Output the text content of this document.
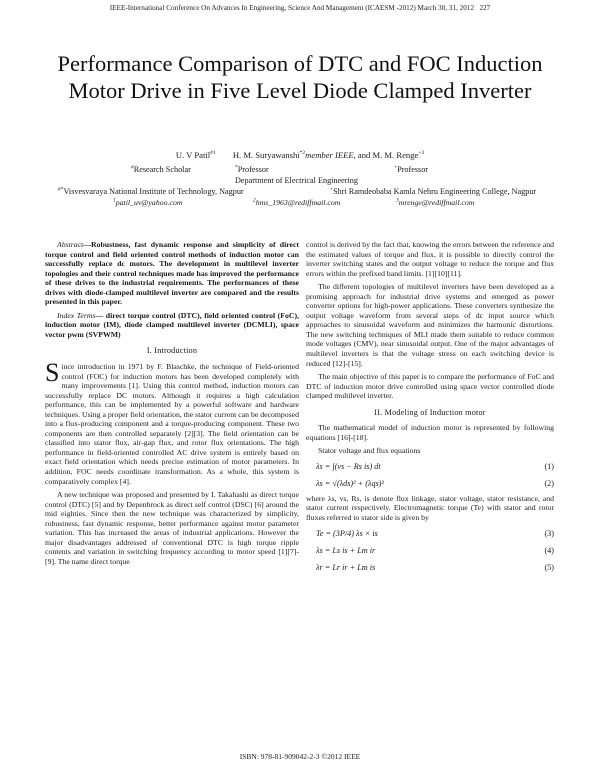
IEEE-International Conference On Advances In Engineering, Science And Management (ICAESM -2012) March 30, 31, 2012 227
Performance Comparison of DTC and FOC Induction Motor Drive in Five Level Diode Clamped Inverter
U. V Patil$^{\#1}$ H. M. Suryawanshi$^{*2}$member IEEE, and M. M. Renge$^{+3}$
#Research Scholar	*Professor	+Professor
Department of Electrical Engineering
#*Visvesvaraya National Institute of Technology, Nagpur	+Shri Ramdeobaba Kamla Nehru Engineering College, Nagpur
$^1$patil_uv@yahoo.com	$^2$hms_1963@rediffmail.com	$^3$mrenge@rediffmail.com

Abstract—Robustness, fast dynamic response and simplicity of direct torque control and field oriented control methods of induction motor can successfully replace dc motors. The development in multilevel inverter topologies and their control techniques made has improved the performance of these drives to the industrial requirements. The performances of these drives with diode-clamped multilevel inverter are compared and the results presented in this paper.

Index Terms— direct torque control (DTC), field oriented control (FoC), induction motor (IM), diode clamped multilevel inverter (DCMLI), space vector pwm (SVPWM)

I. Introduction

Since introduction in 1971 by F. Blaschke, the technique of Field-oriented control (FOC) for induction motors has been developed completely with many improvements [1]. Using this control method, induction motors can successfully replace DC motors. Although it requires a high calculation performance, this can be implemented by a powerful software and hardware techniques. Using a proper field orientation, the stator current can be decomposed into a flux-producing component and a torque-producing component. These two components are then controlled separately [2][3]. The field orientation can be classified into stator flux, air-gap flux, and rotor flux orientations. The high performance in field-oriented controlled AC drive system is entirely based on exact field orientation which needs precise estimation of motor parameters. In addition, FOC needs coordinate transformation. As a whole, this system is comparatively complex [4].

A new technique was proposed and presented by I. Takahashi as direct torque control (DTC) [5] and by Depenbrock as direct self control (DSC) [6] around the mid eighties. Since then the new technique was characterized by simplicity, robustness, fast dynamic response, better performance against motor parameter variation. This has increased the areas of industrial applications. However the major disadvantages addressed of conventional DTC is high torque ripple contents and variation in switching frequency according to motor speed [1][7]-[9]. The name direct torque

control is derived by the fact that, knowing the errors between the reference and the estimated values of torque and flux, it is possible to directly control the inverter switching states and the output voltage to reduce the torque and flux errors within the prefixed band limits. [1][10][11].

The different topologies of multilevel inverters have been developed as a promising approach for industrial drive systems and emerged as power converter options for high-power applications. These converters synthesize the output voltage waveform from several steps of dc input source which approaches to sinusoidal waveform and minimizes the harmonic distortions. The new switching techniques of MLI made them suitable to reduce common mode voltages (CMV), near sinusoidal output. One of the major advantages of multilevel inverters is that the voltage stress on each switching device is reduced [12]-[15].

The main objective of this paper is to compare the performance of FoC and DTC of induction motor drive controlled using space vector controlled diode clamped multilevel inverter.

II. Modeling of Induction motor

The mathematical model of induction motor is represented by following equations [16]-[18].

Stator voltage and flux equations

λs = ∫(vs − Rs is) dt	(1)
λs = √(λds)² + (λqs)²	(2)

where λs, vs, Rs, is denote flux linkage, stator voltage, stator resistance, and stator current respectively. Electromagnetic torque (Te) with stator and rotor fluxes referred to stator side is given by

Te = (3P/4) λs × is	(3)
λs = Ls is + Lm ir	(4)
λr = Lr ir + Lm is	(5)
ISBN: 978-81-909042-2-3 ©2012 IEEE
